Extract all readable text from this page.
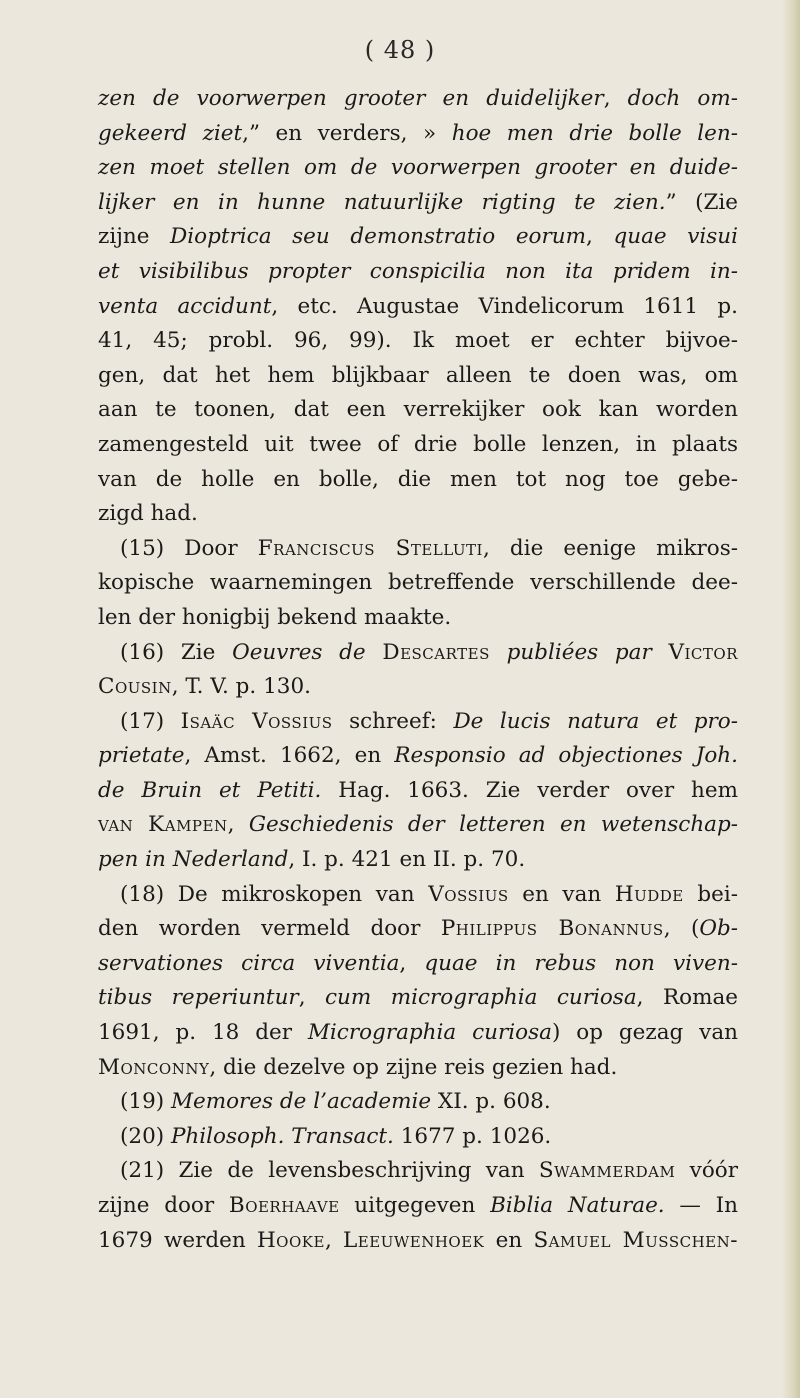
( 48 )
zen de voorwerpen grooter en duidelijker, doch om-
gekeerd ziet,” en verders, » hoe men drie bolle len-
zen moet stellen om de voorwerpen grooter en duide-
lijker en in hunne natuurlijke rigting te zien.” (Zie
zijne Dioptrica seu demonstratio eorum, quae visui
et visibilibus propter conspicilia non ita pridem in-
venta accidunt, etc. Augustae Vindelicorum 1611 p.
41, 45; probl. 96, 99). Ik moet er echter bijvoe-
gen, dat het hem blijkbaar alleen te doen was, om
aan te toonen, dat een verrekijker ook kan worden
zamengesteld uit twee of drie bolle lenzen, in plaats
van de holle en bolle, die men tot nog toe gebe-
zigd had.
(15) Door Franciscus Stelluti, die eenige mikros-
kopische waarnemingen betreffende verschillende dee-
len der honigbij bekend maakte.
(16) Zie Oeuvres de Descartes publiées par Victor
Cousin, T. V. p. 130.
(17) Isaäc Vossius schreef: De lucis natura et pro-
prietate, Amst. 1662, en Responsio ad objectiones Joh.
de Bruin et Petiti. Hag. 1663. Zie verder over hem
van Kampen, Geschiedenis der letteren en wetenschap-
pen in Nederland, I. p. 421 en II. p. 70.
(18) De mikroskopen van Vossius en van Hudde bei-
den worden vermeld door Philippus Bonannus, (Ob-
servationes circa viventia, quae in rebus non viven-
tibus reperiuntur, cum micrographia curiosa, Romae
1691, p. 18 der Micrographia curiosa) op gezag van
Monconny, die dezelve op zijne reis gezien had.
(19) Memores de l’academie XI. p. 608.
(20) Philosoph. Transact. 1677 p. 1026.
(21) Zie de levensbeschrijving van Swammerdam vóór
zijne door Boerhaave uitgegeven Biblia Naturae. — In
1679 werden Hooke, Leeuwenhoek en Samuel Musschen-
